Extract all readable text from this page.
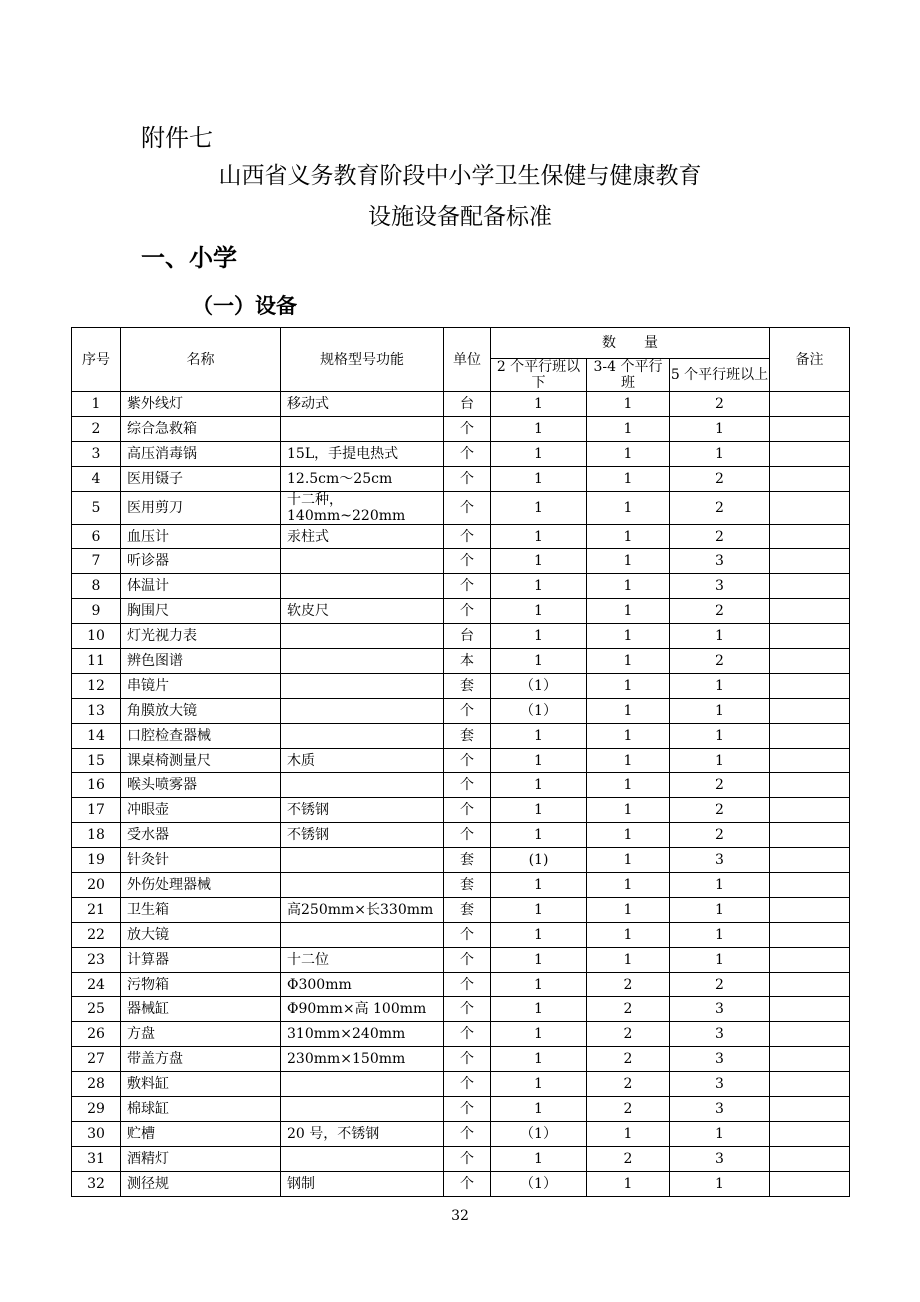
附件七
山西省义务教育阶段中小学卫生保健与健康教育
设施设备配备标准
一、小学
（一）设备
序号	名称	规格型号功能	单位	数　　量			备注
				2 个平行班以下	3-4 个平行班	5 个平行班以上	
1	紫外线灯	移动式	台	1	1	2	
2	综合急救箱		个	1	1	1	
3	高压消毒锅	15L，手提电热式	个	1	1	1	
4	医用镊子	12.5cm～25cm	个	1	1	2	
5	医用剪刀	十二种，140mm~220mm	个	1	1	2	
6	血压计	汞柱式	个	1	1	2	
7	听诊器		个	1	1	3	
8	体温计		个	1	1	3	
9	胸围尺	软皮尺	个	1	1	2	
10	灯光视力表		台	1	1	1	
11	辨色图谱		本	1	1	2	
12	串镜片		套	（1）	1	1	
13	角膜放大镜		个	（1）	1	1	
14	口腔检查器械		套	1	1	1	
15	课桌椅测量尺	木质	个	1	1	1	
16	喉头喷雾器		个	1	1	2	
17	冲眼壶	不锈钢	个	1	1	2	
18	受水器	不锈钢	个	1	1	2	
19	针灸针		套	(1)	1	3	
20	外伤处理器械		套	1	1	1	
21	卫生箱	高250mm×长330mm	套	1	1	1	
22	放大镜		个	1	1	1	
23	计算器	十二位	个	1	1	1	
24	污物箱	Φ300mm	个	1	2	2	
25	器械缸	Φ90mm×高 100mm	个	1	2	3	
26	方盘	310mm×240mm	个	1	2	3	
27	带盖方盘	230mm×150mm	个	1	2	3	
28	敷料缸		个	1	2	3	
29	棉球缸		个	1	2	3	
30	贮槽	20 号，不锈钢	个	（1）	1	1	
31	酒精灯		个	1	2	3	
32	测径规	钢制	个	（1）	1	1	
32
